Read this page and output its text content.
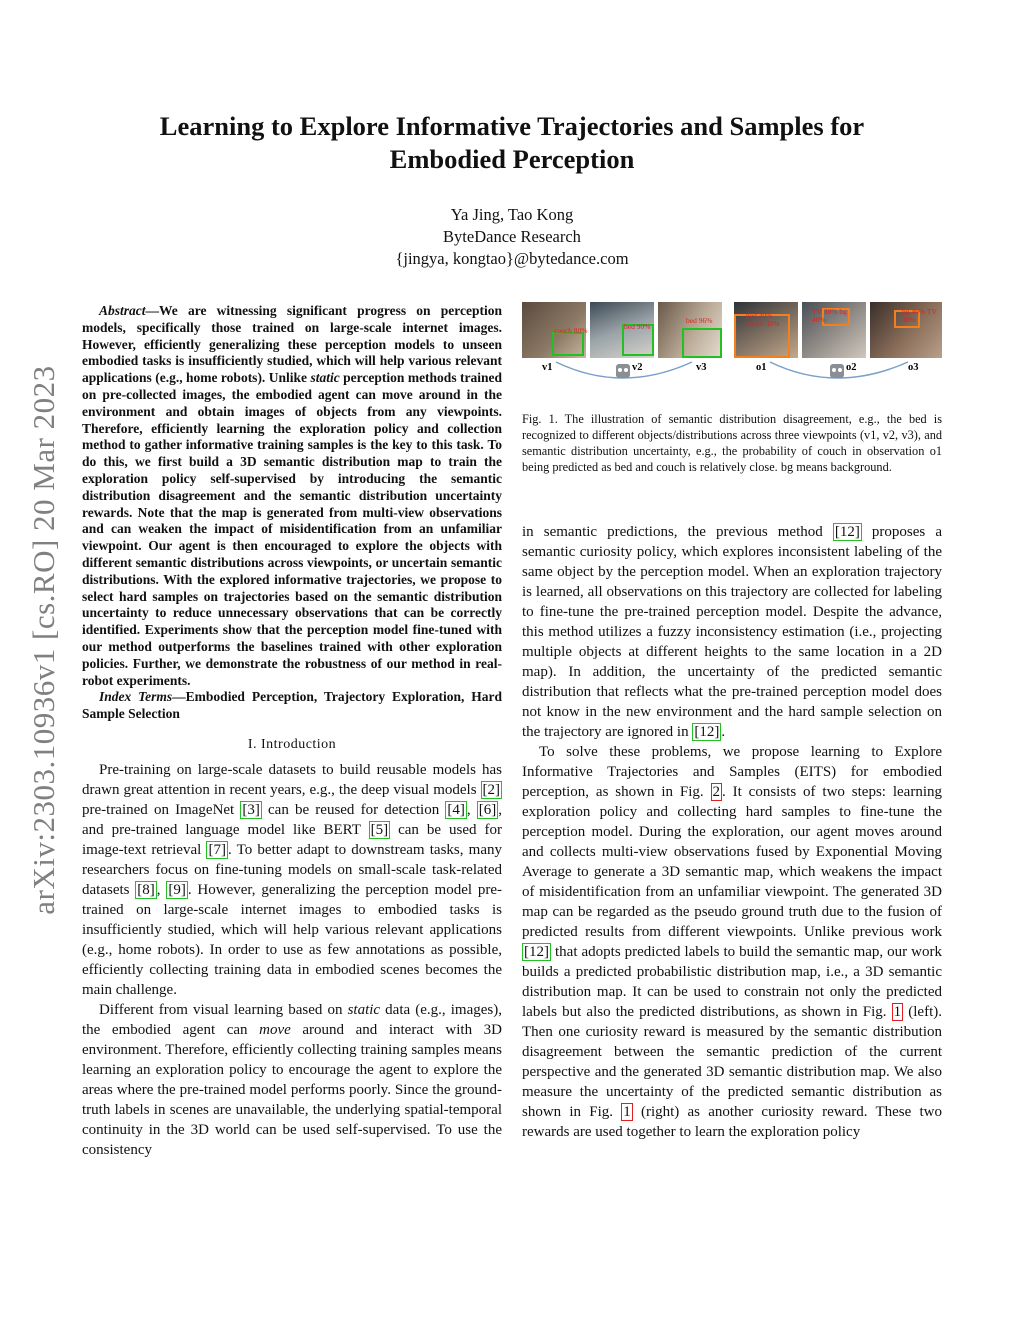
arXiv:2303.10936v1 [cs.RO] 20 Mar 2023
Learning to Explore Informative Trajectories and Samples for Embodied Perception
Ya Jing, Tao Kong
ByteDance Research
{jingya, kongtao}@bytedance.com
Abstract—We are witnessing significant progress on perception models, specifically those trained on large-scale internet images. However, efficiently generalizing these perception models to unseen embodied tasks is insufficiently studied, which will help various relevant applications (e.g., home robots). Unlike static perception methods trained on pre-collected images, the embodied agent can move around in the environment and obtain images of objects from any viewpoints. Therefore, efficiently learning the exploration policy and collection method to gather informative training samples is the key to this task. To do this, we first build a 3D semantic distribution map to train the exploration policy self-supervised by introducing the semantic distribution disagreement and the semantic distribution uncertainty rewards. Note that the map is generated from multi-view observations and can weaken the impact of misidentification from an unfamiliar viewpoint. Our agent is then encouraged to explore the objects with different semantic distributions across viewpoints, or uncertain semantic distributions. With the explored informative trajectories, we propose to select hard samples on trajectories based on the semantic distribution uncertainty to reduce unnecessary observations that can be correctly identified. Experiments show that the perception model fine-tuned with our method outperforms the baselines trained with other exploration policies. Further, we demonstrate the robustness of our method in real-robot experiments.
Index Terms—Embodied Perception, Trajectory Exploration, Hard Sample Selection
I. Introduction

Pre-training on large-scale datasets to build reusable models has drawn great attention in recent years, e.g., the deep visual models [2] pre-trained on ImageNet [3] can be reused for detection [4] , [6] , and pre-trained language model like BERT [5] can be used for image-text retrieval [7] . To better adapt to downstream tasks, many researchers focus on fine-tuning models on small-scale task-related datasets [8] , [9] . However, generalizing the perception model pre-trained on large-scale internet images to embodied tasks is insufficiently studied, which will help various relevant applications (e.g., home robots). In order to use as few annotations as possible, efficiently collecting training data in embodied scenes becomes the main challenge.

Different from visual learning based on static data (e.g., images), the embodied agent can move around and interact with 3D environment. Therefore, efficiently collecting training samples means learning an exploration policy to encourage the agent to explore the areas where the pre-trained model performs poorly. Since the ground-truth labels in scenes are unavailable, the underlying spatial-temporal continuity in the 3D world can be used self-supervised. To use the consistency

couch 80%	bed 90%
bed 96%
bed 40% couch 36%
TV 30% bg 40%
bg 40% TV 30%
v1	v2	v3	o1	o2	o3
Fig. 1. The illustration of semantic distribution disagreement, e.g., the bed is recognized to different objects/distributions across three viewpoints (v1, v2, v3), and semantic distribution uncertainty, e.g., the probability of couch in observation o1 being predicted as bed and couch is relatively close. bg means background.

in semantic predictions, the previous method [12] proposes a semantic curiosity policy, which explores inconsistent labeling of the same object by the perception model. When an exploration trajectory is learned, all observations on this trajectory are collected for labeling to fine-tune the pre-trained perception model. Despite the advance, this method utilizes a fuzzy inconsistency estimation (i.e., projecting multiple objects at different heights to the same location in a 2D map). In addition, the uncertainty of the predicted semantic distribution that reflects what the pre-trained perception model does not know in the new environment and the hard sample selection on the trajectory are ignored in [12] .

To solve these problems, we propose learning to Explore Informative Trajectories and Samples (EITS) for embodied perception, as shown in Fig. 2 . It consists of two steps: learning exploration policy and collecting hard samples to fine-tune the perception model. During the exploration, our agent moves around and collects multi-view observations fused by Exponential Moving Average to generate a 3D semantic map, which weakens the impact of misidentification from an unfamiliar viewpoint. The generated 3D map can be regarded as the pseudo ground truth due to the fusion of predicted results from different viewpoints. Unlike previous work [12] that adopts predicted labels to build the semantic map, our work builds a predicted probabilistic distribution map, i.e., a 3D semantic distribution map. It can be used to constrain not only the predicted labels but also the predicted distributions, as shown in Fig. 1 (left). Then one curiosity reward is measured by the semantic distribution disagreement between the semantic prediction of the current perspective and the generated 3D semantic distribution map. We also measure the uncertainty of the predicted semantic distribution as shown in Fig. 1 (right) as another curiosity reward. These two rewards are used together to learn the exploration policy
